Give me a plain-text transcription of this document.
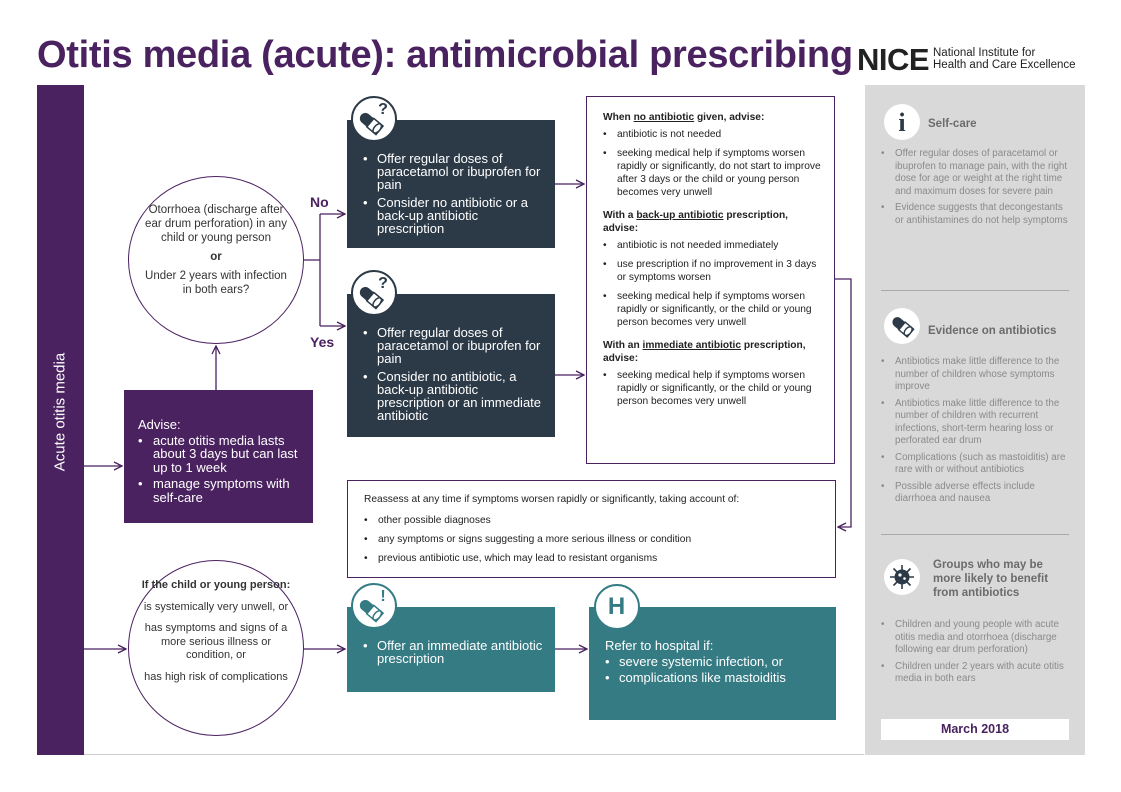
Otitis media (acute): antimicrobial prescribing NICE National Institute for
Health and Care Excellence
Acute otitis media
Otorrhoea (discharge after ear drum perforation) in any child or young person
or
Under 2 years with infection in both ears?
Advise:
• acute otitis media lasts about 3 days but can last up to 1 week
• manage symptoms with self-care
No
Yes
• Offer regular doses of paracetamol or ibuprofen for pain
• Consider no antibiotic or a back-up antibiotic prescription
?
• Offer regular doses of paracetamol or ibuprofen for pain
• Consider no antibiotic, a back-up antibiotic prescription or an immediate antibiotic
?
When no antibiotic given, advise:
• antibiotic is not needed
• seeking medical help if symptoms worsen rapidly or significantly, do not start to improve after 3 days or the child or young person becomes very unwell
With a back-up antibiotic prescription, advise:
• antibiotic is not needed immediately
• use prescription if no improvement in 3 days or symptoms worsen
• seeking medical help if symptoms worsen rapidly or significantly, or the child or young person becomes very unwell
With an immediate antibiotic prescription, advise:
• seeking medical help if symptoms worsen rapidly or significantly, or the child or young person becomes very unwell
Reassess at any time if symptoms worsen rapidly or significantly, taking account of:
• other possible diagnoses
• any symptoms or signs suggesting a more serious illness or condition
• previous antibiotic use, which may lead to resistant organisms
If the child or young person:
is systemically very unwell, or
has symptoms and signs of a more serious illness or condition, or
has high risk of complications
• Offer an immediate antibiotic prescription
!
Refer to hospital if:
• severe systemic infection, or
• complications like mastoiditis
H
i Self-care
• Offer regular doses of paracetamol or ibuprofen to manage pain, with the right dose for age or weight at the right time and maximum doses for severe pain
• Evidence suggests that decongestants or antihistamines do not help symptoms
Evidence on antibiotics
• Antibiotics make little difference to the number of children whose symptoms improve
• Antibiotics make little difference to the number of children with recurrent infections, short-term hearing loss or perforated ear drum
• Complications (such as mastoiditis) are rare with or without antibiotics
• Possible adverse effects include diarrhoea and nausea
Groups who may be more likely to benefit from antibiotics
• Children and young people with acute otitis media and otorrhoea (discharge following ear drum perforation)
• Children under 2 years with acute otitis media in both ears
March 2018
